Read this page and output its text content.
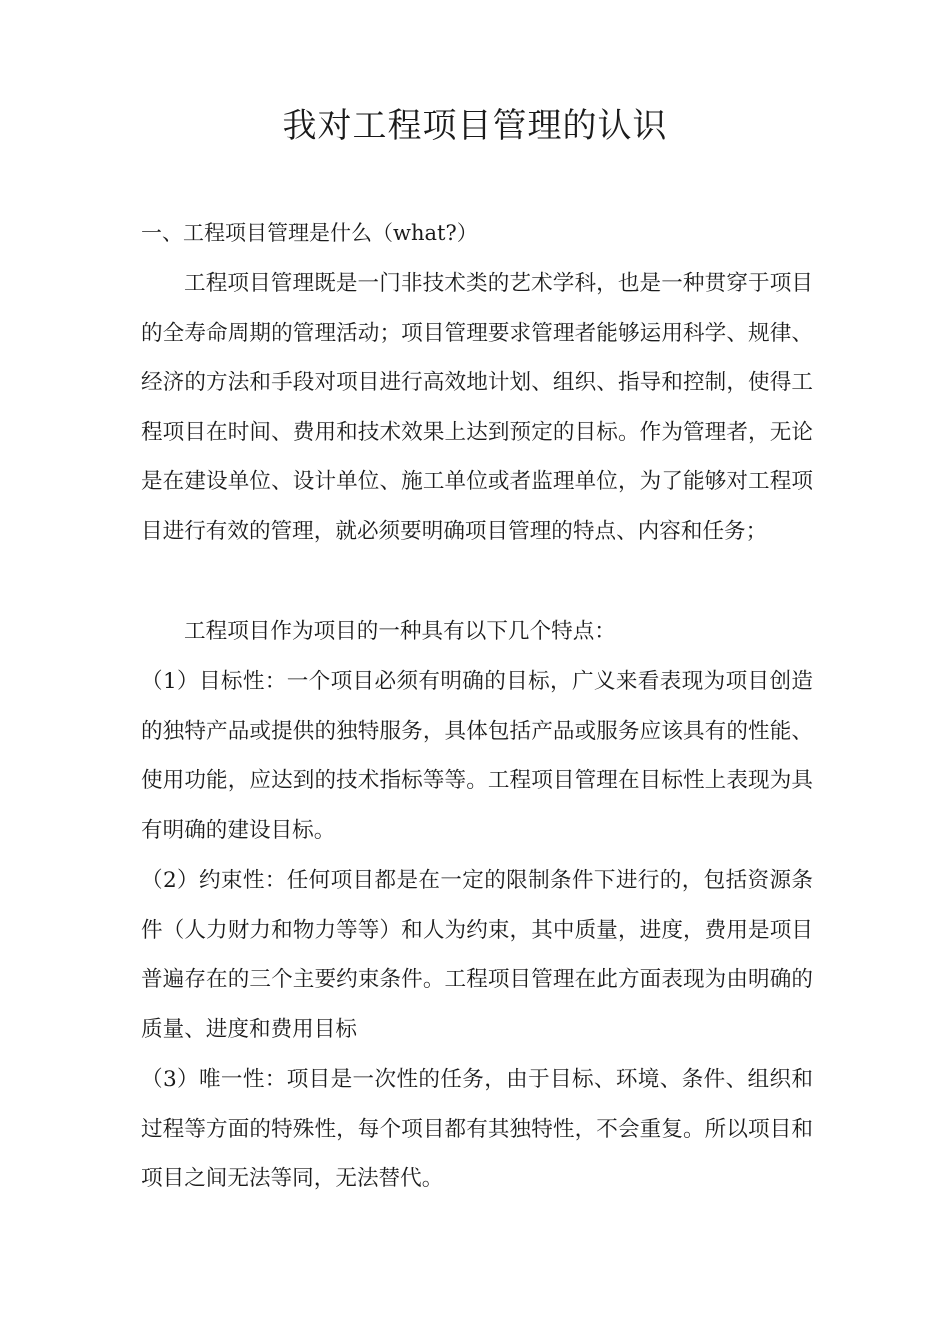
我对工程项目管理的认识
一、工程项目管理是什么（what?）

工程项目管理既是一门非技术类的艺术学科，也是一种贯穿于项目的全寿命周期的管理活动；项目管理要求管理者能够运用科学、规律、经济的方法和手段对项目进行高效地计划、组织、指导和控制，使得工程项目在时间、费用和技术效果上达到预定的目标。作为管理者，无论是在建设单位、设计单位、施工单位或者监理单位，为了能够对工程项目进行有效的管理，就必须要明确项目管理的特点、内容和任务；

工程项目作为项目的一种具有以下几个特点：

（1）目标性：一个项目必须有明确的目标，广义来看表现为项目创造的独特产品或提供的独特服务，具体包括产品或服务应该具有的性能、使用功能，应达到的技术指标等等。工程项目管理在目标性上表现为具有明确的建设目标。

（2）约束性：任何项目都是在一定的限制条件下进行的，包括资源条件（人力财力和物力等等）和人为约束，其中质量，进度，费用是项目普遍存在的三个主要约束条件。工程项目管理在此方面表现为由明确的质量、进度和费用目标

（3）唯一性：项目是一次性的任务，由于目标、环境、条件、组织和过程等方面的特殊性，每个项目都有其独特性，不会重复。所以项目和项目之间无法等同，无法替代。
